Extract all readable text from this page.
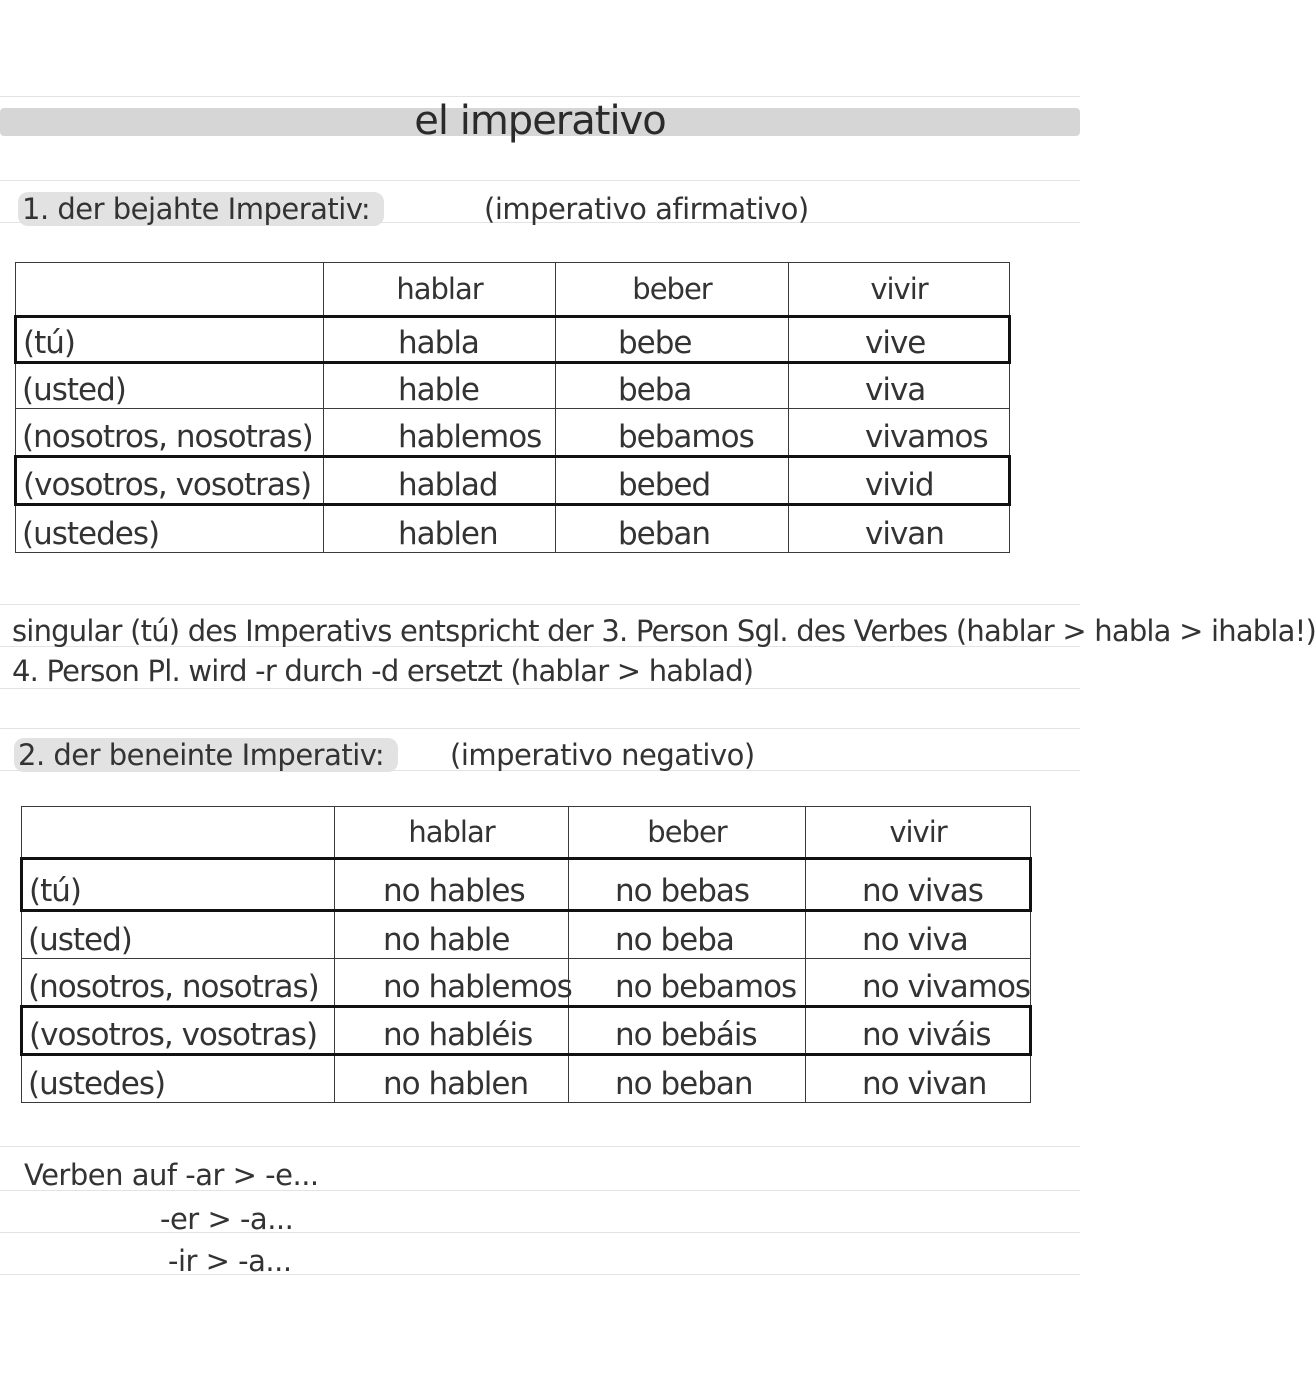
el imperativo
1. der bejahte Imperativ:	(imperativo afirmativo)
	hablar	beber	vivir
(tú)	habla	bebe	vive
(usted)	hable	beba	viva
(nosotros, nosotras)	hablemos	bebamos	vivamos
(vosotros, vosotras)	hablad	bebed	vivid
(ustedes)	hablen	beban	vivan
singular (tú) des Imperativs entspricht der 3. Person Sgl. des Verbes (hablar > habla > ihabla!)
4. Person Pl. wird -r durch -d ersetzt (hablar > hablad)
2. der beneinte Imperativ:	(imperativo negativo)
	hablar	beber	vivir
(tú)	no hables	no bebas	no vivas
(usted)	no hable	no beba	no viva
(nosotros, nosotras)	no hablemos	no bebamos	no vivamos
(vosotros, vosotras)	no habléis	no bebáis	no viváis
(ustedes)	no hablen	no beban	no vivan
Verben auf -ar > -e...
-er > -a...
-ir > -a...
